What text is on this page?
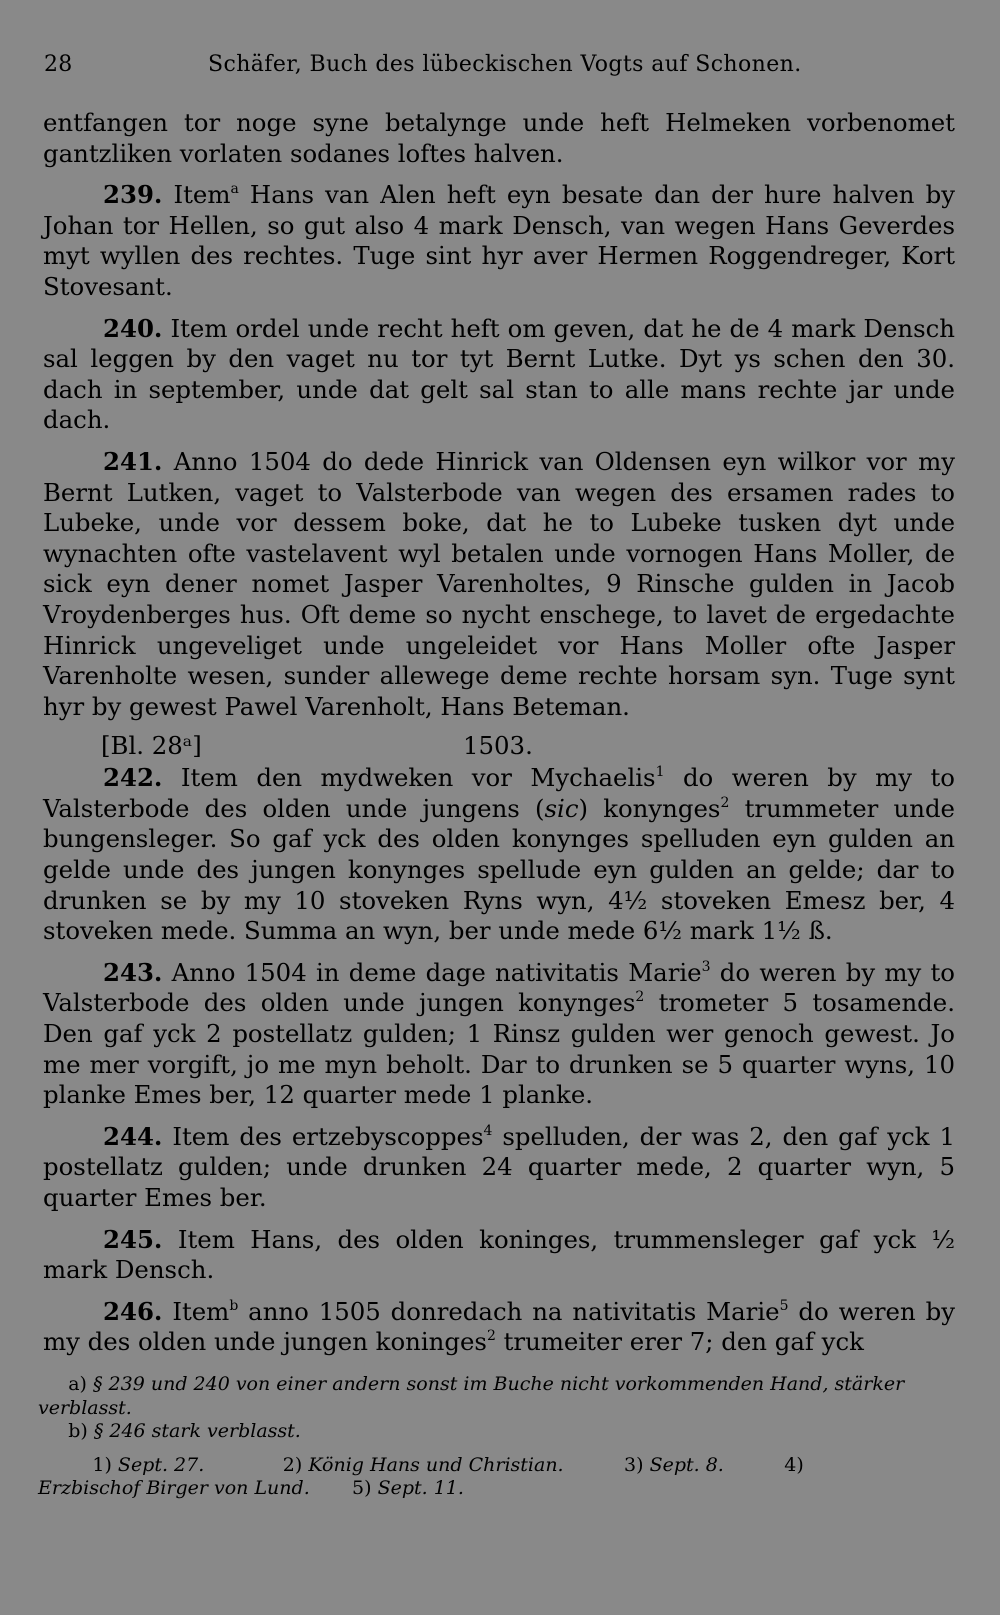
28	Schäfer, Buch des lübeckischen Vogts auf Schonen.

entfangen tor noge syne betalynge unde heft Helmeken vorbenomet gantzliken vorlaten sodanes loftes halven.

239. Item$^a$ Hans van Alen heft eyn besate dan der hure halven by Johan tor Hellen, so gut also 4 mark Densch, van wegen Hans Geverdes myt wyllen des rechtes. Tuge sint hyr aver Hermen Roggendreger, Kort Stovesant.

240. Item ordel unde recht heft om geven, dat he de 4 mark Densch sal leggen by den vaget nu tor tyt Bernt Lutke. Dyt ys schen den 30. dach in september, unde dat gelt sal stan to alle mans rechte jar unde dach.

241. Anno 1504 do dede Hinrick van Oldensen eyn wilkor vor my Bernt Lutken, vaget to Valsterbode van wegen des ersamen rades to Lubeke, unde vor dessem boke, dat he to Lubeke tusken dyt unde wynachten ofte vastelavent wyl betalen unde vornogen Hans Moller, de sick eyn dener nomet Jasper Varenholtes, 9 Rinsche gulden in Jacob Vroydenberges hus. Oft deme so nycht enschege, to lavet de ergedachte Hinrick ungeveliget unde ungeleidet vor Hans Moller ofte Jasper Varenholte wesen, sunder allewege deme rechte horsam syn. Tuge synt hyr by gewest Pawel Varenholt, Hans Beteman.

[Bl. 28ᵃ]	1503.

242. Item den mydweken vor Mychaelis$^1$ do weren by my to Valsterbode des olden unde jungens (sic) konynges$^2$ trummeter unde bungensleger. So gaf yck des olden konynges spelluden eyn gulden an gelde unde des jungen konynges spellude eyn gulden an gelde; dar to drunken se by my 10 stoveken Ryns wyn, 4½ stoveken Emesz ber, 4 stoveken mede. Summa an wyn, ber unde mede 6½ mark 1½ ß.

243. Anno 1504 in deme dage nativitatis Marie$^3$ do weren by my to Valsterbode des olden unde jungen konynges$^2$ trometer 5 tosamende. Den gaf yck 2 postellatz gulden; 1 Rinsz gulden wer genoch gewest. Jo me mer vorgift, jo me myn beholt. Dar to drunken se 5 quarter wyns, 10 planke Emes ber, 12 quarter mede 1 planke.

244. Item des ertzebyscoppes$^4$ spelluden, der was 2, den gaf yck 1 postellatz gulden; unde drunken 24 quarter mede, 2 quarter wyn, 5 quarter Emes ber.

245. Item Hans, des olden koninges, trummensleger gaf yck ½ mark Densch.

246. Item$^b$ anno 1505 donredach na nativitatis Marie$^5$ do weren by my des olden unde jungen koninges$^2$ trumeiter erer 7; den gaf yck

a) § 239 und 240 von einer andern sonst im Buche nicht vorkommenden Hand, stärker verblasst.

b) § 246 stark verblasst.

1)
Sept. 27.
	2)
König Hans und Christian.
	3)
Sept. 8.
	4)

Erzbischof Birger von Lund.
5)
Sept. 11.
